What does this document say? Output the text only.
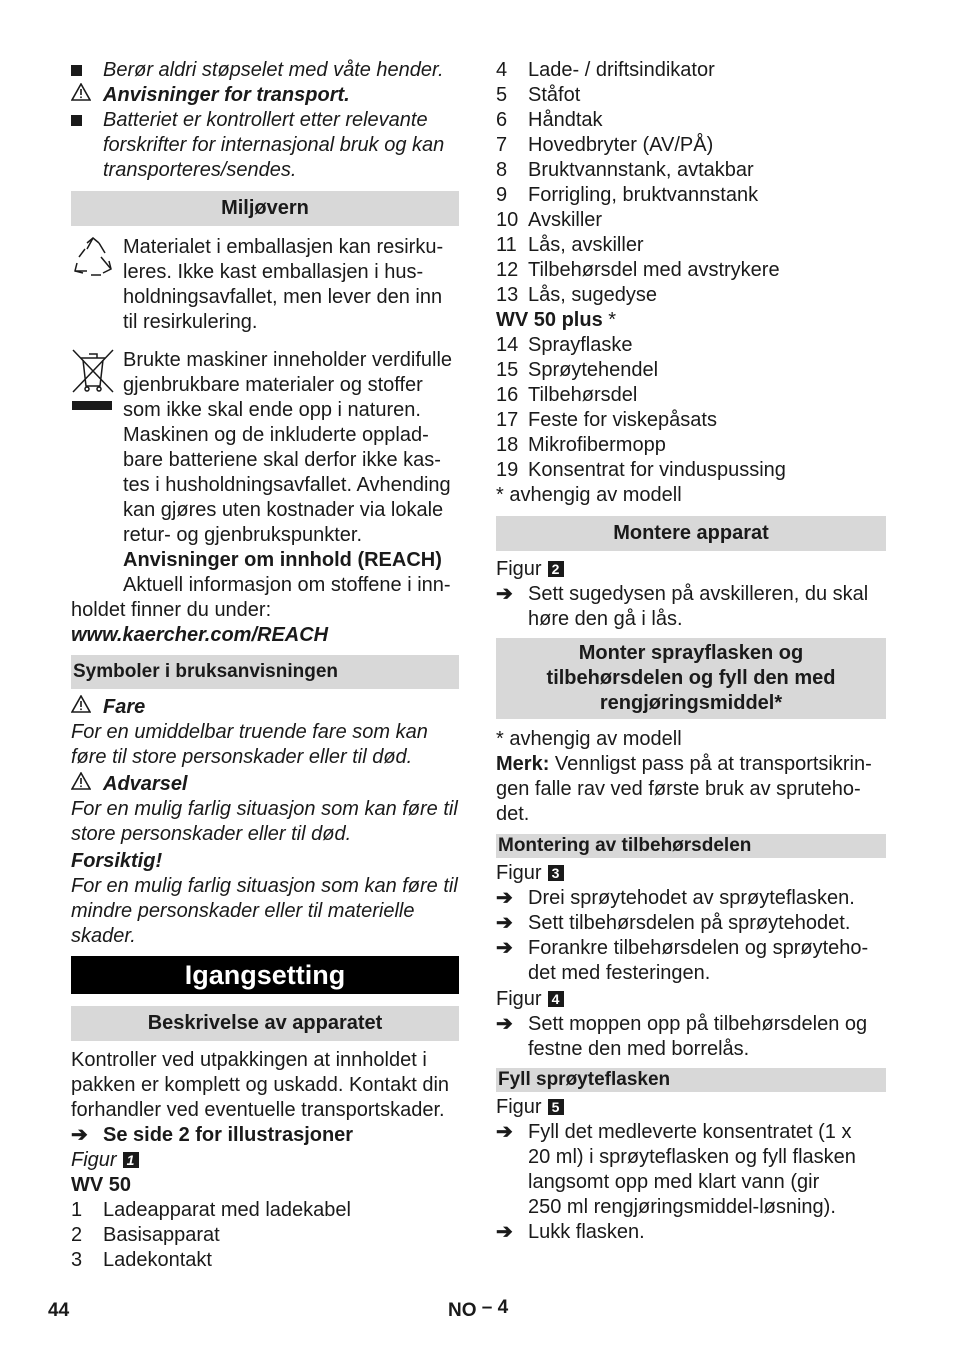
Berør aldri støpselet med våte hender.
Anvisninger for transport.
Batteriet er kontrollert etter relevante
forskrifter for internasjonal bruk og kan
transporteres/sendes.
Miljøvern
Materialet i emballasjen kan resirku-
leres. Ikke kast emballasjen i hus-
holdningsavfallet, men lever den inn
til resirkulering.
Brukte maskiner inneholder verdifulle
gjenbrukbare materialer og stoffer
som ikke skal ende opp i naturen.
Maskinen og de inkluderte opplad-
bare batteriene skal derfor ikke kas-
tes i husholdningsavfallet. Avhending
kan gjøres uten kostnader via lokale
retur- og gjenbrukspunkter.
Anvisninger om innhold (REACH)
Aktuell informasjon om stoffene i inn-
holdet finner du under:
www.kaercher.com/REACH
Symboler i bruksanvisningen
Fare
For en umiddelbar truende fare som kan
føre til store personskader eller til død.
Advarsel
For en mulig farlig situasjon som kan føre til
store personskader eller til død.
Forsiktig!
For en mulig farlig situasjon som kan føre til
mindre personskader eller til materielle
skader.
Igangsetting
Beskrivelse av apparatet
Kontroller ved utpakkingen at innholdet i
pakken er komplett og uskadd. Kontakt din
forhandler ved eventuelle transportskader.
➔ Se side 2 for illustrasjoner
Figur 1
WV 50
1	Ladeapparat med ladekabel
2	Basisapparat
3	Ladekontakt
4	Lade- / driftsindikator
5	Ståfot
6	Håndtak
7	Hovedbryter (AV/PÅ)
8	Bruktvannstank, avtakbar
9	Forrigling, bruktvannstank
10 Avskiller
11 Lås, avskiller
12 Tilbehørsdel med avstrykere
13 Lås, sugedyse
WV 50 plus *
14 Sprayflaske
15 Sprøytehendel
16 Tilbehørsdel
17 Feste for viskepåsats
18 Mikrofibermopp
19 Konsentrat for vinduspussing
* avhengig av modell
Montere apparat
Figur 2
➔ Sett sugedysen på avskilleren, du skal
høre den gå i lås.
Monter sprayflasken og
tilbehørsdelen og fyll den med
rengjøringsmiddel*
* avhengig av modell
Merk: Vennligst pass på at transportsikrin-
gen falle rav ved første bruk av spruteho-
det.
Montering av tilbehørsdelen
Figur 3
➔ Drei sprøytehodet av sprøyteflasken.
➔ Sett tilbehørsdelen på sprøytehodet.
➔ Forankre tilbehørsdelen og sprøyteho-
det med festeringen.
Figur 4
➔ Sett moppen opp på tilbehørsdelen og
festne den med borrelås.
Fyll sprøyteflasken
Figur 5
➔ Fyll det medleverte konsentratet (1 x
20 ml) i sprøyteflasken og fyll flasken
langsomt opp med klart vann (gir
250 ml rengjøringsmiddel-løsning).
➔ Lukk flasken.
44	NO – 4
